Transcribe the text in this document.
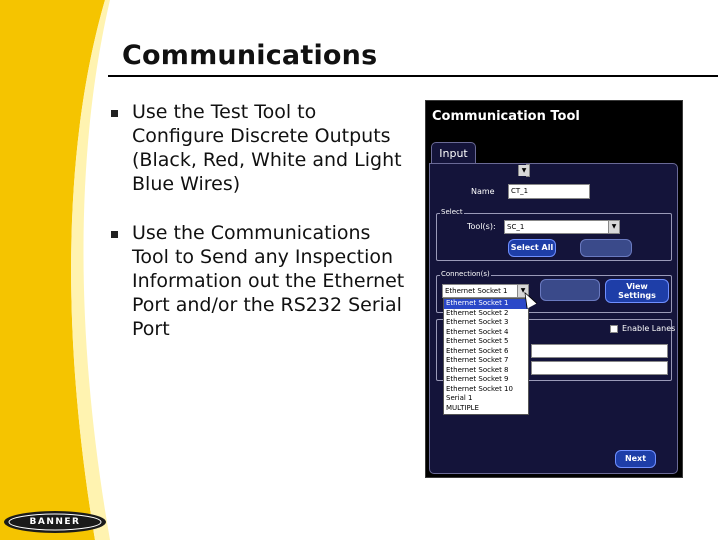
Communications
Use the Test Tool to Configure Discrete Outputs (Black, Red, White and Light Blue Wires)
Use the Communications Tool to Send any Inspection Information out the Ethernet Port and/or the RS232 Serial Port
BANNER
Communication Tool
Input
Name	CT_1
Select
Tool(s):	SC_1	▼
Select All
Connection(s)
Ethernet Socket 1	▼	View Settings
▼
Enable Lanes
Next
Ethernet Socket 1
Ethernet Socket 2
Ethernet Socket 3
Ethernet Socket 4
Ethernet Socket 5
Ethernet Socket 6
Ethernet Socket 7
Ethernet Socket 8
Ethernet Socket 9
Ethernet Socket 10
Serial 1
MULTIPLE
